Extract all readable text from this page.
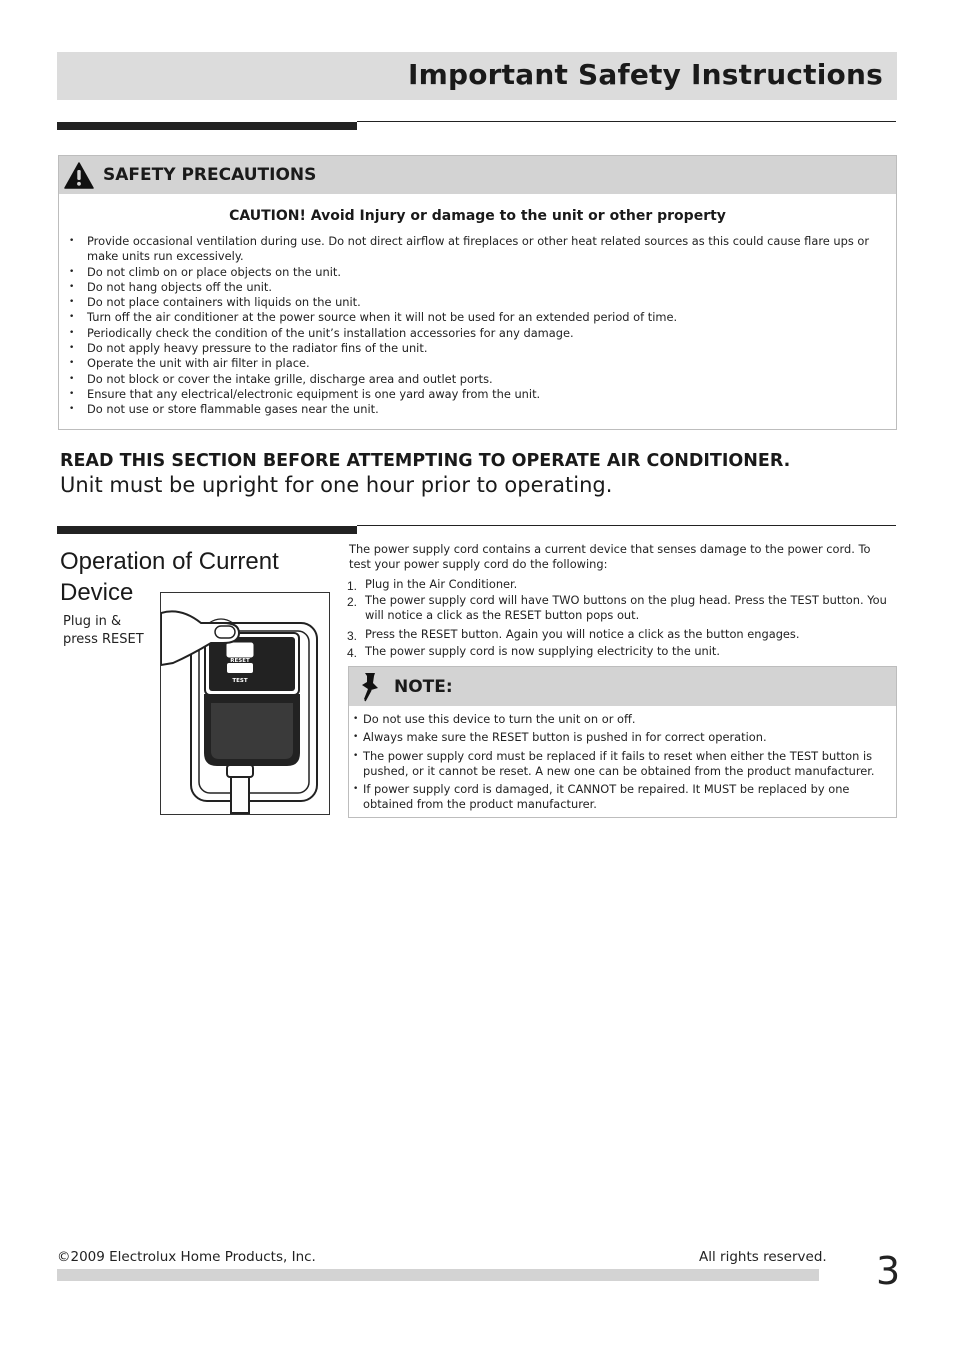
Important Safety Instructions
SAFETY PRECAUTIONS
CAUTION! Avoid Injury or damage to the unit or other property
• Provide occasional ventilation during use. Do not direct airflow at fireplaces or other heat related sources as this could cause flare ups or make units run excessively.
• Do not climb on or place objects on the unit.
• Do not hang objects off the unit.
• Do not place containers with liquids on the unit.
• Turn off the air conditioner at the power source when it will not be used for an extended period of time.
• Periodically check the condition of the unit’s installation accessories for any damage.
• Do not apply heavy pressure to the radiator fins of the unit.
• Operate the unit with air filter in place.
• Do not block or cover the intake grille, discharge area and outlet ports.
• Ensure that any electrical/electronic equipment is one yard away from the unit.
• Do not use or store flammable gases near the unit.
READ THIS SECTION BEFORE ATTEMPTING TO OPERATE AIR CONDITIONER.
Unit must be upright for one hour prior to operating.
Operation of Current Device
Plug in & press RESET
RESET
TEST
The power supply cord contains a current device that senses damage to the power cord. To test your power supply cord do the following:
1. Plug in the Air Conditioner.
2. The power supply cord will have TWO buttons on the plug head. Press the TEST button. You will notice a click as the RESET button pops out.
3. Press the RESET button. Again you will notice a click as the button engages.
4. The power supply cord is now supplying electricity to the unit.
NOTE:
• Do not use this device to turn the unit on or off.
• Always make sure the RESET button is pushed in for correct operation.
• The power supply cord must be replaced if it fails to reset when either the TEST button is pushed, or it cannot be reset. A new one can be obtained from the product manufacturer.
• If power supply cord is damaged, it CANNOT be repaired. It MUST be replaced by one obtained from the product manufacturer.
©2009 Electrolux Home Products, Inc.	All rights reserved. 3
